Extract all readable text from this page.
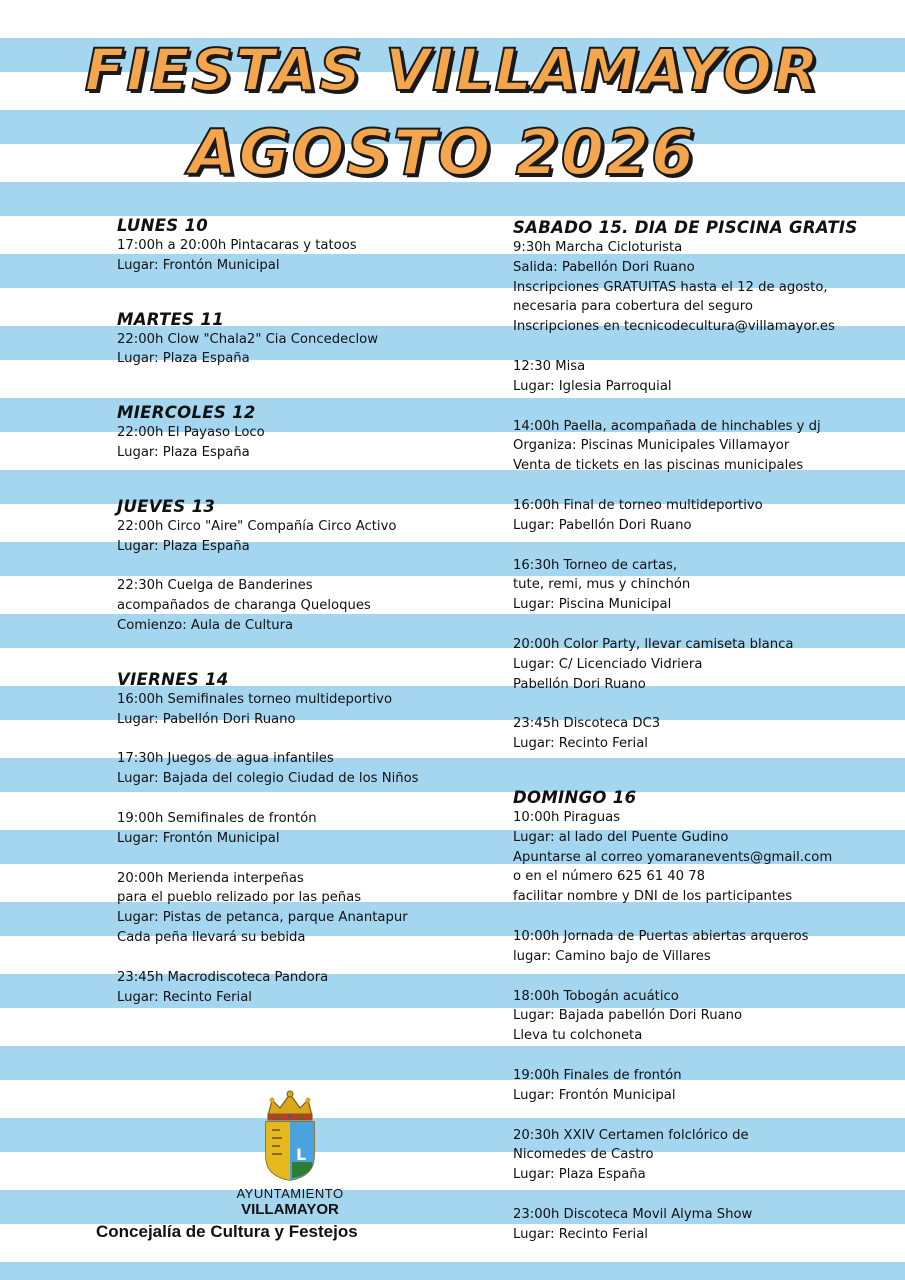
FIESTAS VILLAMAYOR
AGOSTO 2026
LUNES 10
17:00h a 20:00h Pintacaras y tatoos
Lugar: Frontón Municipal
MARTES 11
22:00h Clow "Chala2" Cia Concedeclow
Lugar: Plaza España
MIERCOLES 12
22:00h El Payaso Loco
Lugar: Plaza España
JUEVES 13
22:00h Circo "Aire" Compañía Circo Activo
Lugar: Plaza España
22:30h Cuelga de Banderines
acompañados de charanga Queloques
Comienzo: Aula de Cultura
VIERNES 14
16:00h Semifinales torneo multideportivo
Lugar: Pabellón Dori Ruano
17:30h Juegos de agua infantiles
Lugar: Bajada del colegio Ciudad de los Niños
19:00h Semifinales de frontón
Lugar: Frontón Municipal
20:00h Merienda interpeñas
para el pueblo relizado por las peñas
Lugar: Pistas de petanca, parque Anantapur
Cada peña llevará su bebida
23:45h Macrodiscoteca Pandora
Lugar: Recinto Ferial
SABADO 15. DIA DE PISCINA GRATIS
9:30h Marcha Cicloturista
Salida: Pabellón Dori Ruano
Inscripciones GRATUITAS hasta el 12 de agosto,
necesaria para cobertura del seguro
Inscripciones en tecnicodecultura@villamayor.es
12:30 Misa
Lugar: Iglesia Parroquial
14:00h Paella, acompañada de hinchables y dj
Organiza: Piscinas Municipales Villamayor
Venta de tickets en las piscinas municipales
16:00h Final de torneo multideportivo
Lugar: Pabellón Dori Ruano
16:30h Torneo de cartas,
tute, remi, mus y chinchón
Lugar: Piscina Municipal
20:00h Color Party, llevar camiseta blanca
Lugar: C/ Licenciado Vidriera
Pabellón Dori Ruano
23:45h Discoteca DC3
Lugar: Recinto Ferial
DOMINGO 16
10:00h Piraguas
Lugar: al lado del Puente Gudino
Apuntarse al correo yomaranevents@gmail.com
o en el número 625 61 40 78
facilitar nombre y DNI de los participantes
10:00h Jornada de Puertas abiertas arqueros
lugar: Camino bajo de Villares
18:00h Tobogán acuático
Lugar: Bajada pabellón Dori Ruano
Lleva tu colchoneta
19:00h Finales de frontón
Lugar: Frontón Municipal
20:30h XXIV Certamen folclórico de
Nicomedes de Castro
Lugar: Plaza España
23:00h Discoteca Movil Alyma Show
Lugar: Recinto Ferial
L
AYUNTAMIENTO
VILLAMAYOR
Concejalía de Cultura y Festejos
